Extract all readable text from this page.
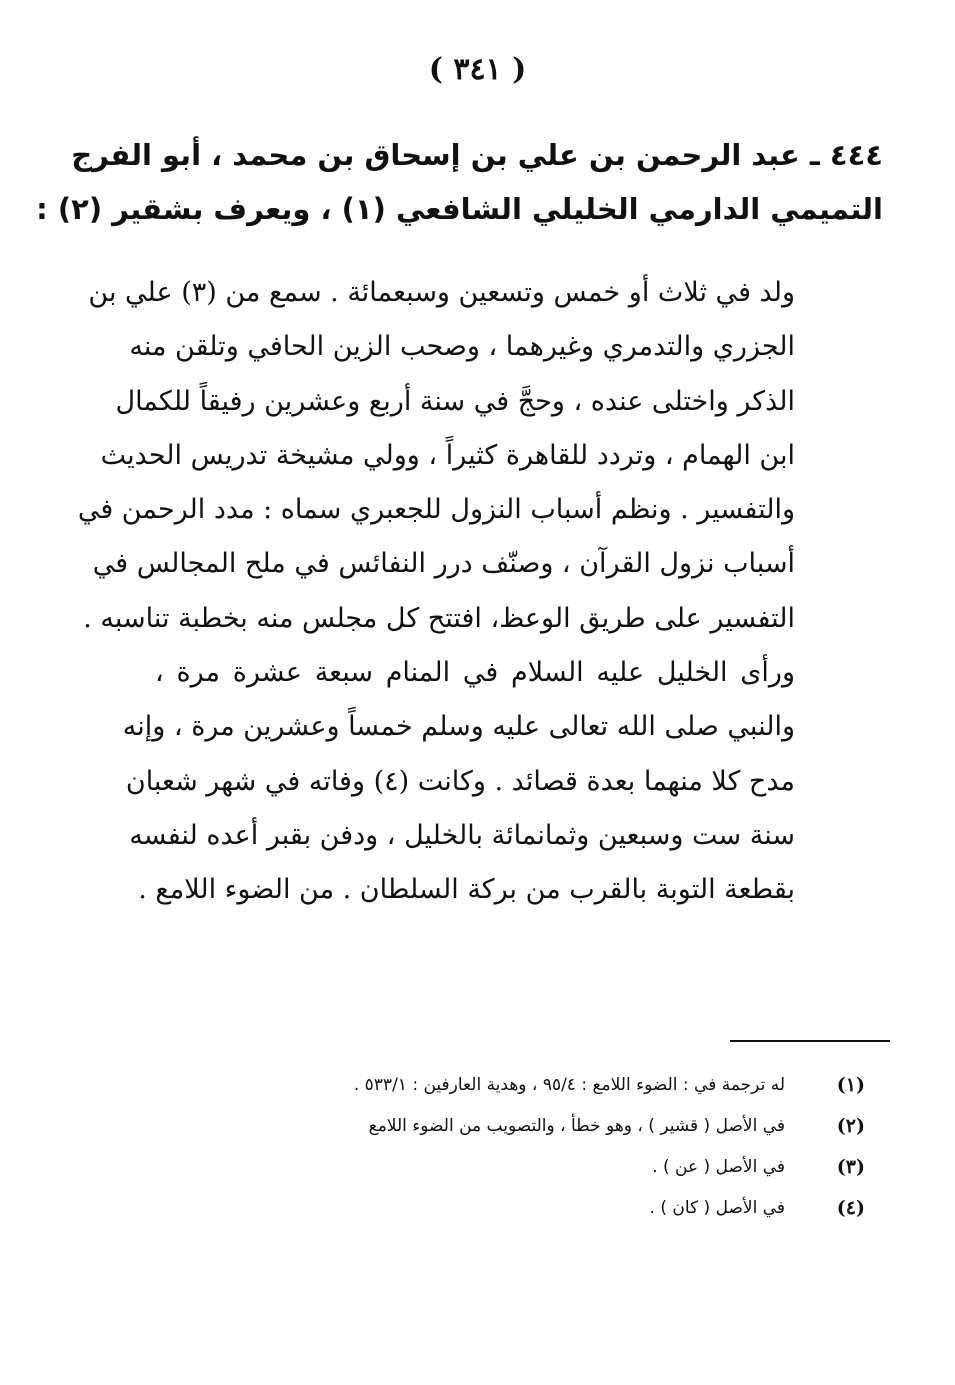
( ٣٤١ )
٤٤٤ ـ عبد الرحمن بن علي بن إسحاق بن محمد ، أبو الفرج
التميمي الدارمي الخليلي الشافعي (١) ، ويعرف بشقير (٢) :
ولد في ثلاث أو خمس وتسعين وسبعمائة . سمع من (٣) علي بن
الجزري والتدمري وغيرهما ، وصحب الزين الحافي وتلقن منه
الذكر واختلى عنده ، وحجَّ في سنة أربع وعشرين رفيقاً للكمال
ابن الهمام ، وتردد للقاهرة كثيراً ، وولي مشيخة تدريس الحديث
والتفسير . ونظم أسباب النزول للجعبري سماه : مدد الرحمن في
أسباب نزول القرآن ، وصنّف درر النفائس في ملح المجالس في
التفسير على طريق الوعظ، افتتح كل مجلس منه بخطبة تناسبه .
ورأى الخليل عليه السلام في المنام سبعة عشرة مرة ،
والنبي صلى الله تعالى عليه وسلم خمساً وعشرين مرة ، وإنه
مدح كلا منهما بعدة قصائد . وكانت (٤) وفاته في شهر شعبان
سنة ست وسبعين وثمانمائة بالخليل ، ودفن بقبر أعده لنفسه
بقطعة التوبة بالقرب من بركة السلطان . من الضوء اللامع .
(١)
له ترجمة في : الضوء اللامع : ٩٥/٤ ، وهدية العارفين : ٥٣٣/١ .
(٢)
في الأصل ( قشير ) ، وهو خطأ ، والتصويب من الضوء اللامع
(٣)
في الأصل ( عن ) .
(٤)
في الأصل ( كان ) .
